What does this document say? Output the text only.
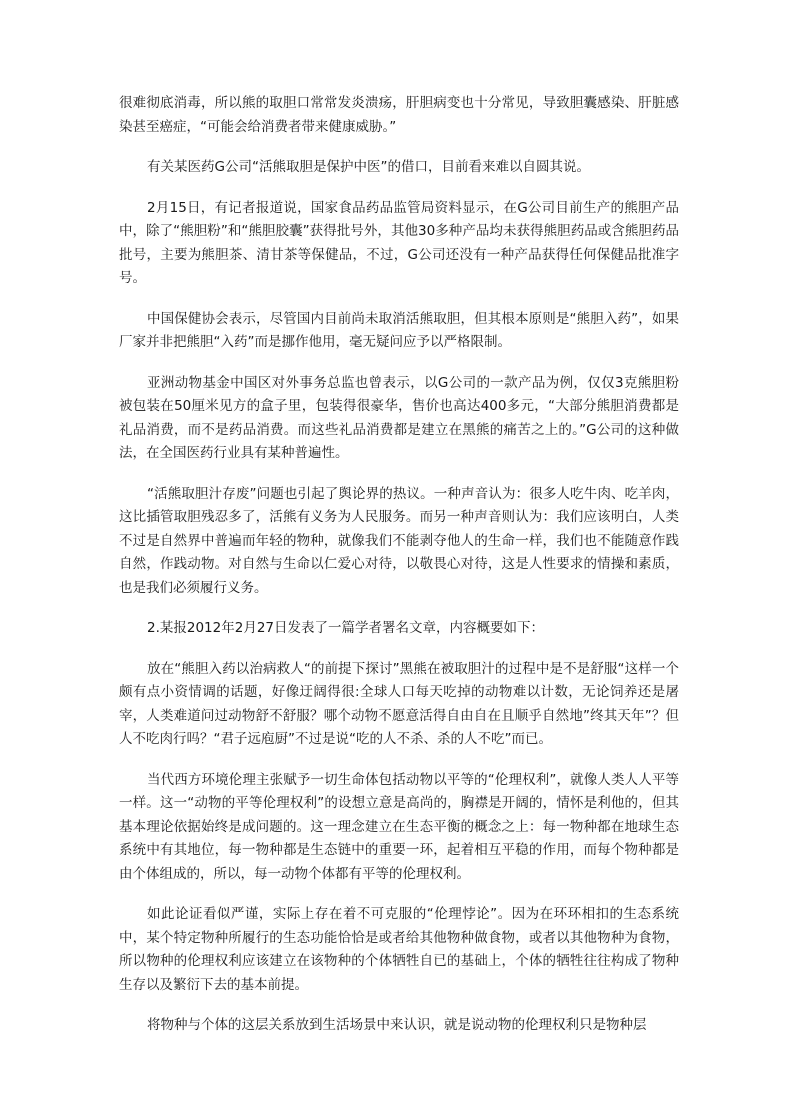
很难彻底消毒，所以熊的取胆口常常发炎溃疡，肝胆病变也十分常见，导致胆囊感染、肝脏感染甚至癌症，“可能会给消费者带来健康威胁。”

有关某医药G公司“活熊取胆是保护中医”的借口，目前看来难以自圆其说。

2月15日，有记者报道说，国家食品药品监管局资料显示，在G公司目前生产的熊胆产品中，除了“熊胆粉”和“熊胆胶囊”获得批号外，其他30多种产品均未获得熊胆药品或含熊胆药品批号，主要为熊胆茶、清甘茶等保健品，不过，G公司还没有一种产品获得任何保健品批准字号。

中国保健协会表示，尽管国内目前尚未取消活熊取胆，但其根本原则是“熊胆入药”，如果厂家并非把熊胆“入药”而是挪作他用，毫无疑问应予以严格限制。

亚洲动物基金中国区对外事务总监也曾表示，以G公司的一款产品为例，仅仅3克熊胆粉被包装在50厘米见方的盒子里，包装得很豪华，售价也高达400多元，“大部分熊胆消费都是礼品消费，而不是药品消费。而这些礼品消费都是建立在黑熊的痛苦之上的。”G公司的这种做法，在全国医药行业具有某种普遍性。

“活熊取胆汁存废”问题也引起了舆论界的热议。一种声音认为：很多人吃牛肉、吃羊肉，这比插管取胆残忍多了，活熊有义务为人民服务。而另一种声音则认为：我们应该明白，人类不过是自然界中普遍而年轻的物种，就像我们不能剥夺他人的生命一样，我们也不能随意作践自然，作践动物。对自然与生命以仁爱心对待，以敬畏心对待，这是人性要求的情操和素质，也是我们必须履行义务。

2.某报2012年2月27日发表了一篇学者署名文章，内容概要如下：

放在“熊胆入药以治病救人“的前提下探讨”黑熊在被取胆汁的过程中是不是舒服“这样一个颇有点小资情调的话题，好像迂阔得很:全球人口每天吃掉的动物难以计数，无论饲养还是屠宰，人类难道问过动物舒不舒服？哪个动物不愿意活得自由自在且顺乎自然地”终其天年”？但人不吃肉行吗？“君子远庖厨”不过是说“吃的人不杀、杀的人不吃”而已。

当代西方环境伦理主张赋予一切生命体包括动物以平等的“伦理权利”，就像人类人人平等一样。这一“动物的平等伦理权利”的设想立意是高尚的，胸襟是开阔的，情怀是利他的，但其基本理论依据始终是成问题的。这一理念建立在生态平衡的概念之上：每一物种都在地球生态系统中有其地位，每一物种都是生态链中的重要一环，起着相互平稳的作用，而每个物种都是由个体组成的，所以，每一动物个体都有平等的伦理权利。

如此论证看似严谨，实际上存在着不可克服的“伦理悖论”。因为在环环相扣的生态系统中，某个特定物种所履行的生态功能恰恰是或者给其他物种做食物，或者以其他物种为食物，所以物种的伦理权利应该建立在该物种的个体牺牲自已的基础上，个体的牺牲往往构成了物种生存以及繁衍下去的基本前提。

将物种与个体的这层关系放到生活场景中来认识，就是说动物的伦理权利只是物种层
